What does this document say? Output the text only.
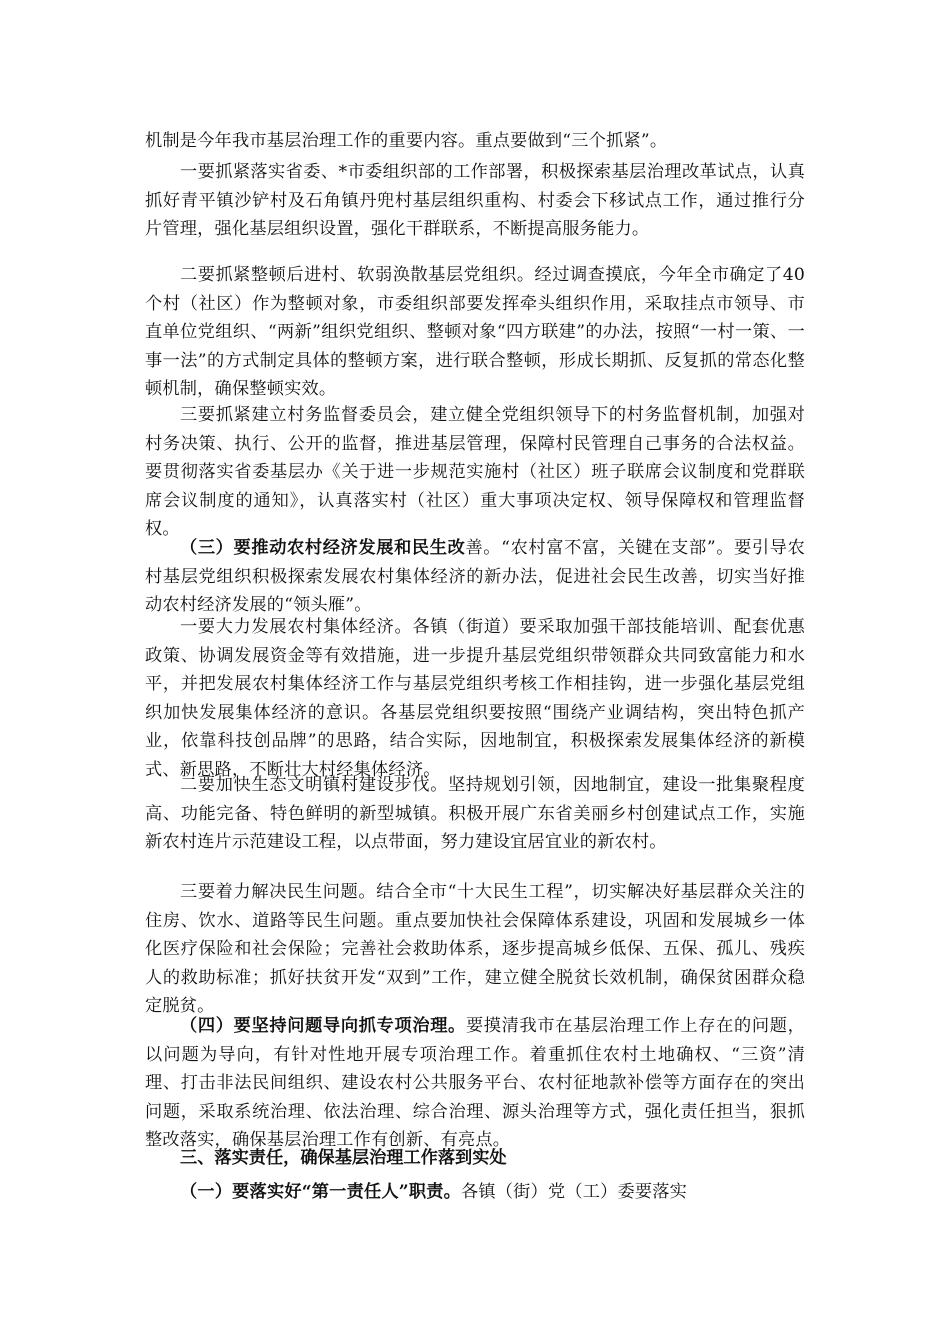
机制是今年我市基层治理工作的重要内容。重点要做到“三个抓紧”。

一要抓紧落实省委、*市委组织部的工作部署，积极探索基层治理改革试点，认真抓好青平镇沙铲村及石角镇丹兜村基层组织重构、村委会下移试点工作，通过推行分片管理，强化基层组织设置，强化干群联系，不断提高服务能力。

二要抓紧整顿后进村、软弱涣散基层党组织。经过调查摸底，今年全市确定了40个村（社区）作为整顿对象，市委组织部要发挥牵头组织作用，采取挂点市领导、市直单位党组织、“两新”组织党组织、整顿对象“四方联建”的办法，按照“一村一策、一事一法”的方式制定具体的整顿方案，进行联合整顿，形成长期抓、反复抓的常态化整顿机制，确保整顿实效。

三要抓紧建立村务监督委员会，建立健全党组织领导下的村务监督机制，加强对村务决策、执行、公开的监督，推进基层管理，保障村民管理自己事务的合法权益。要贯彻落实省委基层办《关于进一步规范实施村（社区）班子联席会议制度和党群联席会议制度的通知》，认真落实村（社区）重大事项决定权、领导保障权和管理监督权。

（三）要推动农村经济发展和民生改善。“农村富不富，关键在支部”。要引导农村基层党组织积极探索发展农村集体经济的新办法，促进社会民生改善，切实当好推动农村经济发展的“领头雁”。

一要大力发展农村集体经济。各镇（街道）要采取加强干部技能培训、配套优惠政策、协调发展资金等有效措施，进一步提升基层党组织带领群众共同致富能力和水平，并把发展农村集体经济工作与基层党组织考核工作相挂钩，进一步强化基层党组织加快发展集体经济的意识。各基层党组织要按照“围绕产业调结构，突出特色抓产业，依靠科技创品牌”的思路，结合实际，因地制宜，积极探索发展集体经济的新模式、新思路，不断壮大村经集体经济。

二要加快生态文明镇村建设步伐。坚持规划引领，因地制宜，建设一批集聚程度高、功能完备、特色鲜明的新型城镇。积极开展广东省美丽乡村创建试点工作，实施新农村连片示范建设工程，以点带面，努力建设宜居宜业的新农村。

三要着力解决民生问题。结合全市“十大民生工程”，切实解决好基层群众关注的住房、饮水、道路等民生问题。重点要加快社会保障体系建设，巩固和发展城乡一体化医疗保险和社会保险；完善社会救助体系，逐步提高城乡低保、五保、孤儿、残疾人的救助标准；抓好扶贫开发“双到”工作，建立健全脱贫长效机制，确保贫困群众稳定脱贫。

（四）要坚持问题导向抓专项治理。要摸清我市在基层治理工作上存在的问题，以问题为导向，有针对性地开展专项治理工作。着重抓住农村土地确权、“三资”清理、打击非法民间组织、建设农村公共服务平台、农村征地款补偿等方面存在的突出问题，采取系统治理、依法治理、综合治理、源头治理等方式，强化责任担当，狠抓整改落实，确保基层治理工作有创新、有亮点。

三、落实责任，确保基层治理工作落到实处

（一）要落实好“第一责任人”职责。各镇（街）党（工）委要落实
